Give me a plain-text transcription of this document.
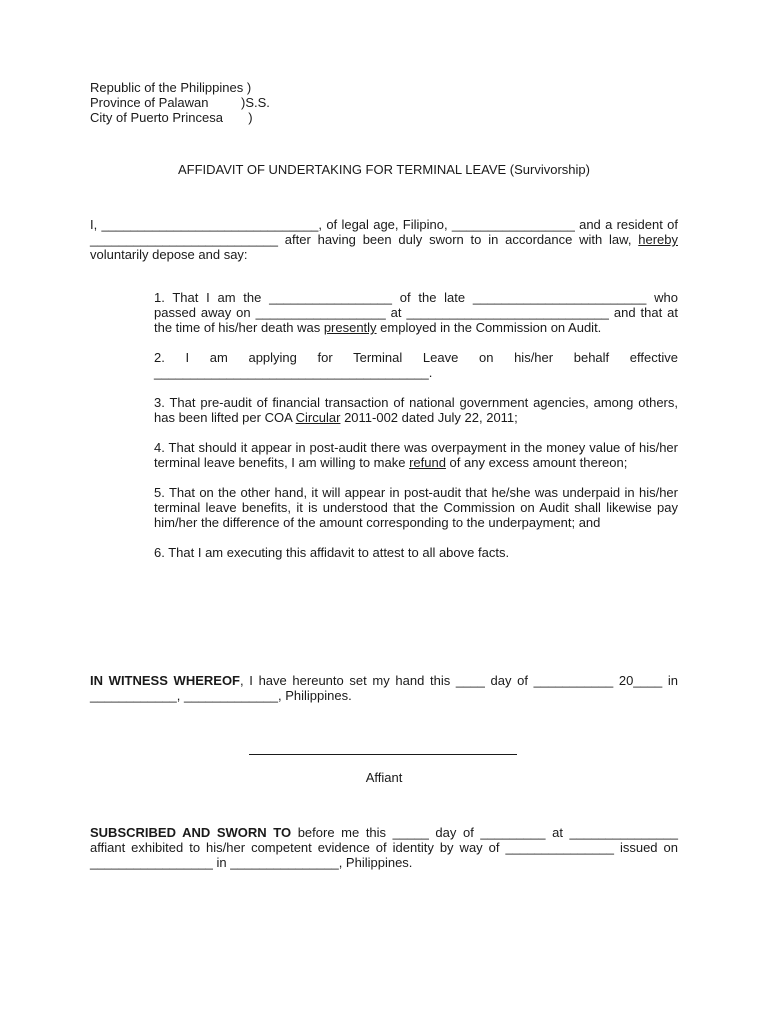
Republic of the Philippines )
Province of Palawan         )S.S.
City of Puerto Princesa       )
AFFIDAVIT OF UNDERTAKING FOR TERMINAL LEAVE (Survivorship)

I, ______________________________, of legal age, Filipino, _________________ and a resident of __________________________ after having been duly sworn to in accordance with law, hereby voluntarily depose and say:

1. That I am the _________________ of the late ________________________ who passed away on __________________ at ____________________________ and that at the time of his/her death was presently employed in the Commission on Audit.

2. I am applying for Terminal Leave on his/her behalf effective ______________________________________.

3. That pre-audit of financial transaction of national government agencies, among others, has been lifted per COA Circular 2011-002 dated July 22, 2011;

4. That should it appear in post-audit there was overpayment in the money value of his/her terminal leave benefits, I am willing to make refund of any excess amount thereon;

5. That on the other hand, it will appear in post-audit that he/she was underpaid in his/her terminal leave benefits, it is understood that the Commission on Audit shall likewise pay him/her the difference of the amount corresponding to the underpayment; and

6. That I am executing this affidavit to attest to all above facts.

IN WITNESS WHEREOF, I have hereunto set my hand this ____ day of ___________ 20____ in ____________, _____________, Philippines.

Affiant

SUBSCRIBED AND SWORN TO before me this _____ day of _________ at _______________ affiant exhibited to his/her competent evidence of identity by way of _______________ issued on _________________ in _______________, Philippines.
